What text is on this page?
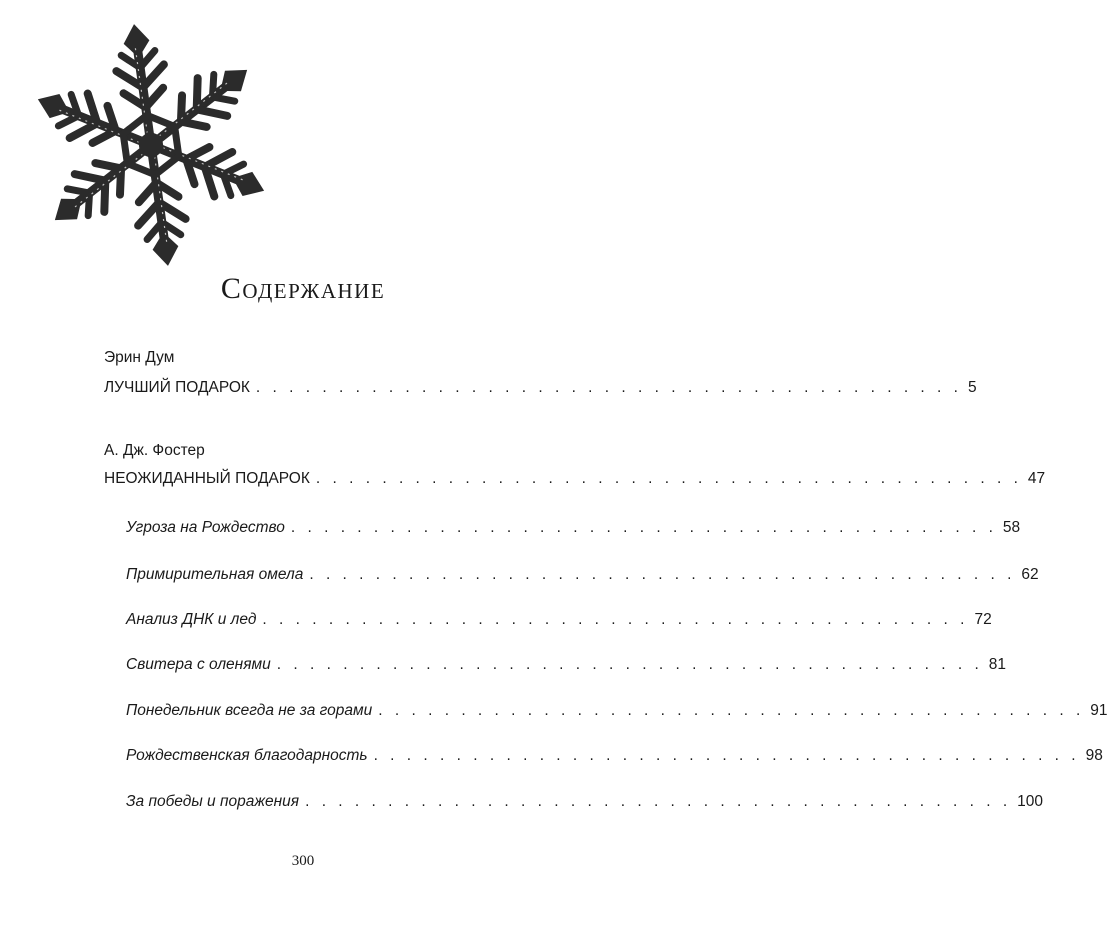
Содержание
Эрин Дум
ЛУЧШИЙ ПОДАРОК . . . . . . . . . . . . . . . . . . . . . . . . . . . . . . . . . . . . . . . . . . . 5
А. Дж. Фостер
НЕОЖИДАННЫЙ ПОДАРОК . . . . . . . . . . . . . . . . . . . . . . . . . . . . . . . . . . . . . . . . . . . 47
Угроза на Рождество . . . . . . . . . . . . . . . . . . . . . . . . . . . . . . . . . . . . . . . . . . . 58
Примирительная омела . . . . . . . . . . . . . . . . . . . . . . . . . . . . . . . . . . . . . . . . . . . 62
Анализ ДНК и лед . . . . . . . . . . . . . . . . . . . . . . . . . . . . . . . . . . . . . . . . . . . 72
Свитера с оленями . . . . . . . . . . . . . . . . . . . . . . . . . . . . . . . . . . . . . . . . . . . 81
Понедельник всегда не за горами . . . . . . . . . . . . . . . . . . . . . . . . . . . . . . . . . . . . . . . . . . . 91
Рождественская благодарность . . . . . . . . . . . . . . . . . . . . . . . . . . . . . . . . . . . . . . . . . . . 98
За победы и поражения . . . . . . . . . . . . . . . . . . . . . . . . . . . . . . . . . . . . . . . . . . . 100
300
